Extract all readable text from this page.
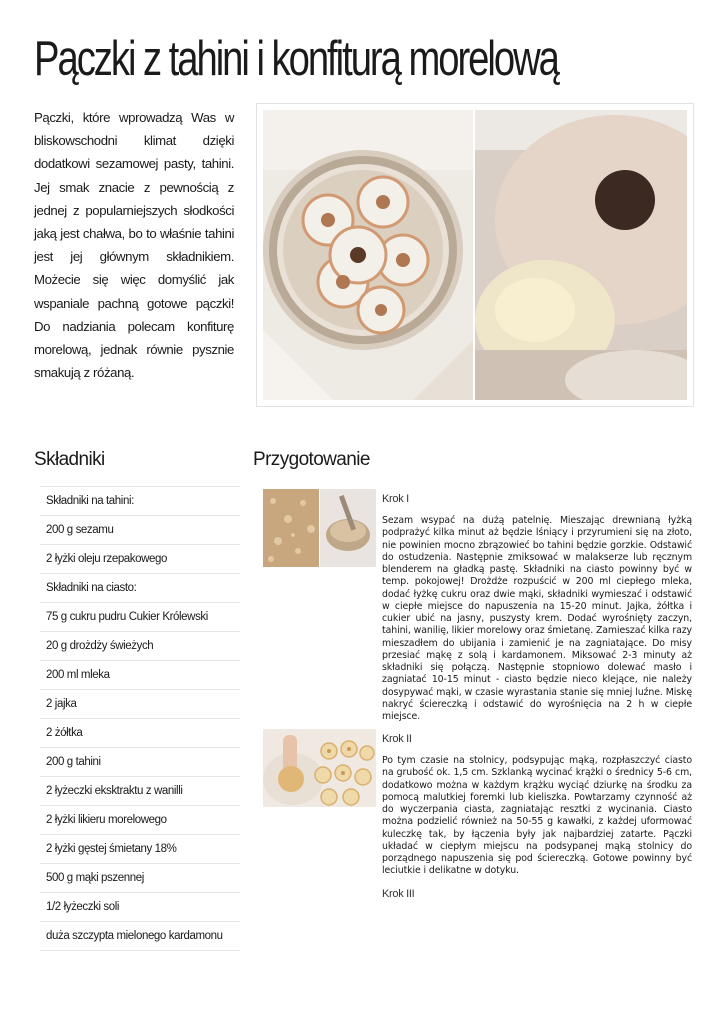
Pączki z tahini i konfiturą morelową

Pączki, które wprowadzą Was w bliskowschodni klimat dzięki dodatkowi sezamowej pasty, tahini. Jej smak znacie z pewnością z jednej z popularniejszych słodkości jaką jest chałwa, bo to właśnie tahini jest jej głównym składnikiem. Możecie się więc domyślić jak wspaniale pachną gotowe pączki! Do nadziania polecam konfiturę morelową, jednak równie pysznie smakują z różaną.

Składniki	Przygotowanie
Składniki na tahini:
200 g sezamu
2 łyżki oleju rzepakowego
Składniki na ciasto:
75 g cukru pudru Cukier Królewski
20 g drożdży świeżych
200 ml mleka
2 jajka
2 żółtka
200 g tahini
2 łyżeczki eksktraktu z wanilli
2 łyżki likieru morelowego
2 łyżki gęstej śmietany 18%
500 g mąki pszennej
1/2 łyżeczki soli
duża szczypta mielonego kardamonu
Krok I
Sezam wsypać na dużą patelnię. Mieszając drewnianą łyżką podprażyć kilka minut aż będzie lśniący i przyrumieni się na złoto, nie powinien mocno zbrązowieć bo tahini będzie gorzkie. Odstawić do ostudzenia. Następnie zmiksować w malakserze lub ręcznym blenderem na gładką pastę. Składniki na ciasto powinny być w temp. pokojowej! Drożdże rozpuścić w 200 ml ciepłego mleka, dodać łyżkę cukru oraz dwie mąki, składniki wymieszać i odstawić w ciepłe miejsce do napuszenia na 15-20 minut. Jajka, żółtka i cukier ubić na jasny, puszysty krem. Dodać wyrośnięty zaczyn, tahini, wanilię, likier morelowy oraz śmietanę. Zamieszać kilka razy mieszadłem do ubijania i zamienić je na zagniatające. Do misy przesiać mąkę z solą i kardamonem. Miksować 2-3 minuty aż składniki się połączą. Następnie stopniowo dolewać masło i zagniatać 10-15 minut - ciasto będzie nieco klejące, nie należy dosypywać mąki, w czasie wyrastania stanie się mniej luźne. Miskę nakryć ściereczką i odstawić do wyrośnięcia na 2 h w ciepłe miejsce.
Krok II
Po tym czasie na stolnicy, podsypując mąką, rozpłaszczyć ciasto na grubość ok. 1,5 cm. Szklanką wycinać krążki o średnicy 5-6 cm, dodatkowo można w każdym krążku wyciąć dziurkę na środku za pomocą malutkiej foremki lub kieliszka. Powtarzamy czynność aż do wyczerpania ciasta, zagniatając resztki z wycinania. Ciasto można podzielić również na 50-55 g kawałki, z każdej uformować kuleczkę tak, by łączenia były jak najbardziej zatarte. Pączki układać w ciepłym miejscu na podsypanej mąką stolnicy do porządnego napuszenia się pod ściereczką. Gotowe powinny być leciutkie i delikatne w dotyku.
Krok III
